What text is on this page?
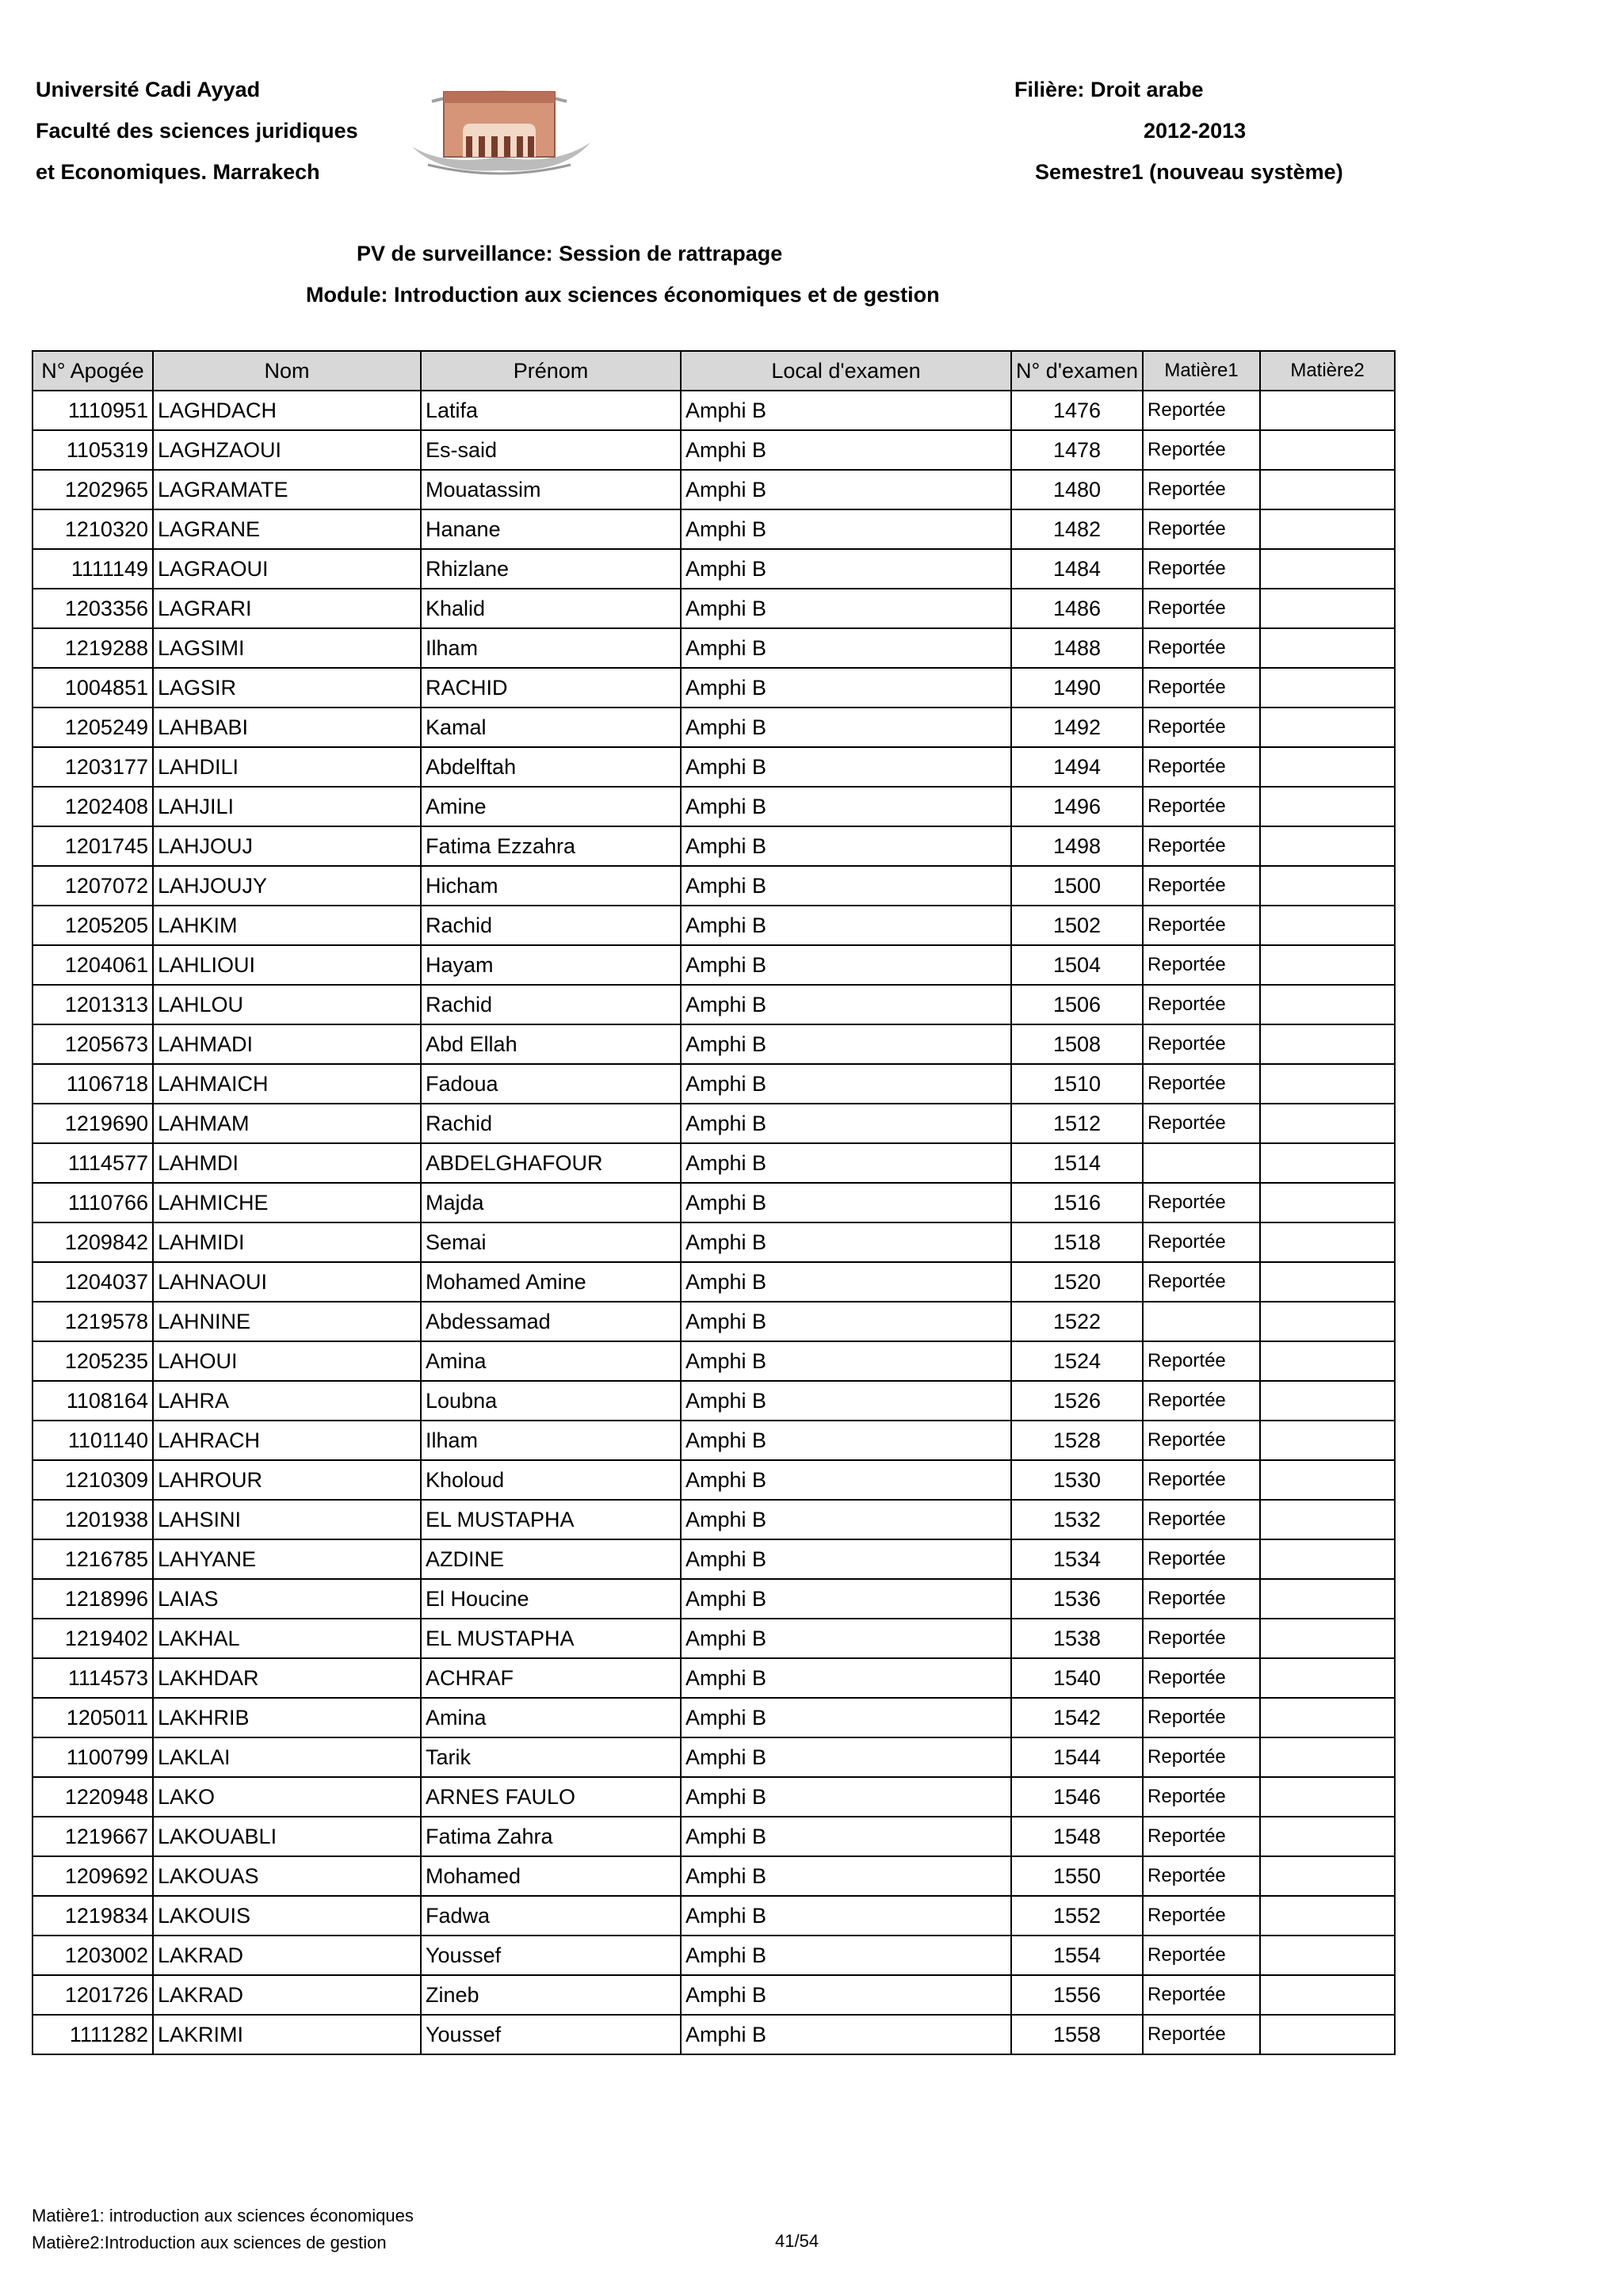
Université Cadi Ayyad
Faculté des sciences juridiques
et Economiques. Marrakech
Filière: Droit arabe
2012-2013
Semestre1 (nouveau système)
PV de surveillance: Session de rattrapage
Module: Introduction aux sciences économiques et de gestion
N° Apogée	Nom	Prénom	Local d'examen	N° d'examen	Matière1	Matière2
1110951	LAGHDACH	Latifa	Amphi B	1476	Reportée	
1105319	LAGHZAOUI	Es-said	Amphi B	1478	Reportée	
1202965	LAGRAMATE	Mouatassim	Amphi B	1480	Reportée	
1210320	LAGRANE	Hanane	Amphi B	1482	Reportée	
1111149	LAGRAOUI	Rhizlane	Amphi B	1484	Reportée	
1203356	LAGRARI	Khalid	Amphi B	1486	Reportée	
1219288	LAGSIMI	Ilham	Amphi B	1488	Reportée	
1004851	LAGSIR	RACHID	Amphi B	1490	Reportée	
1205249	LAHBABI	Kamal	Amphi B	1492	Reportée	
1203177	LAHDILI	Abdelftah	Amphi B	1494	Reportée	
1202408	LAHJILI	Amine	Amphi B	1496	Reportée	
1201745	LAHJOUJ	Fatima Ezzahra	Amphi B	1498	Reportée	
1207072	LAHJOUJY	Hicham	Amphi B	1500	Reportée	
1205205	LAHKIM	Rachid	Amphi B	1502	Reportée	
1204061	LAHLIOUI	Hayam	Amphi B	1504	Reportée	
1201313	LAHLOU	Rachid	Amphi B	1506	Reportée	
1205673	LAHMADI	Abd Ellah	Amphi B	1508	Reportée	
1106718	LAHMAICH	Fadoua	Amphi B	1510	Reportée	
1219690	LAHMAM	Rachid	Amphi B	1512	Reportée	
1114577	LAHMDI	ABDELGHAFOUR	Amphi B	1514		
1110766	LAHMICHE	Majda	Amphi B	1516	Reportée	
1209842	LAHMIDI	Semai	Amphi B	1518	Reportée	
1204037	LAHNAOUI	Mohamed Amine	Amphi B	1520	Reportée	
1219578	LAHNINE	Abdessamad	Amphi B	1522		
1205235	LAHOUI	Amina	Amphi B	1524	Reportée	
1108164	LAHRA	Loubna	Amphi B	1526	Reportée	
1101140	LAHRACH	Ilham	Amphi B	1528	Reportée	
1210309	LAHROUR	Kholoud	Amphi B	1530	Reportée	
1201938	LAHSINI	EL MUSTAPHA	Amphi B	1532	Reportée	
1216785	LAHYANE	AZDINE	Amphi B	1534	Reportée	
1218996	LAIAS	El Houcine	Amphi B	1536	Reportée	
1219402	LAKHAL	EL MUSTAPHA	Amphi B	1538	Reportée	
1114573	LAKHDAR	ACHRAF	Amphi B	1540	Reportée	
1205011	LAKHRIB	Amina	Amphi B	1542	Reportée	
1100799	LAKLAI	Tarik	Amphi B	1544	Reportée	
1220948	LAKO	ARNES FAULO	Amphi B	1546	Reportée	
1219667	LAKOUABLI	Fatima Zahra	Amphi B	1548	Reportée	
1209692	LAKOUAS	Mohamed	Amphi B	1550	Reportée	
1219834	LAKOUIS	Fadwa	Amphi B	1552	Reportée	
1203002	LAKRAD	Youssef	Amphi B	1554	Reportée	
1201726	LAKRAD	Zineb	Amphi B	1556	Reportée	
1111282	LAKRIMI	Youssef	Amphi B	1558	Reportée	
Matière1: introduction aux sciences économiques
Matière2:Introduction aux sciences de gestion	41/54
